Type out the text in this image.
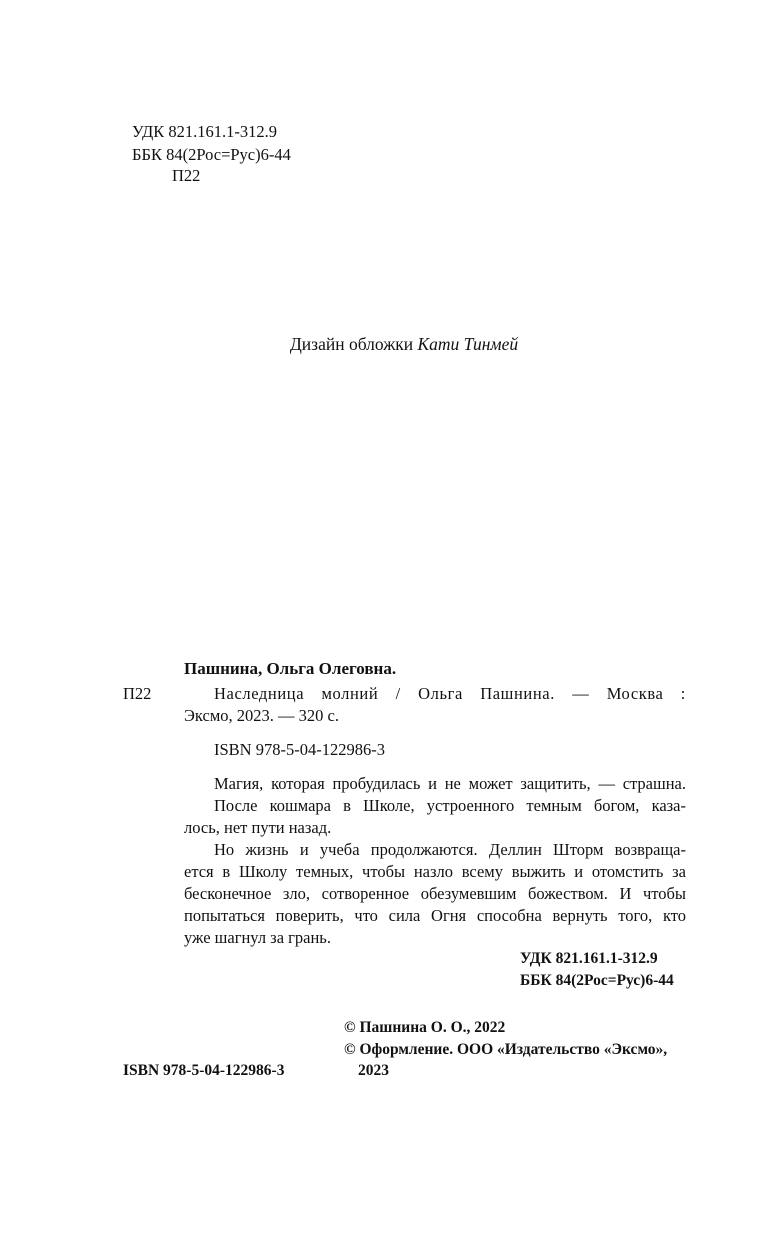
УДК 821.161.1-312.9
ББК 84(2Рос=Рус)6-44
П22
Дизайн обложки Кати Тинмей
Пашнина, Ольга Олеговна.
П22	Наследница молний / Ольга Пашнина. — Москва :
Эксмо, 2023. — 320 с.
ISBN 978-5-04-122986-3
Магия, которая пробудилась и не может защитить, — страшна.
После кошмара в Школе, устроенного темным богом, каза-
лось, нет пути назад.
Но жизнь и учеба продолжаются. Деллин Шторм возвраща-
ется в Школу темных, чтобы назло всему выжить и отомстить за
бесконечное зло, сотворенное обезумевшим божеством. И чтобы
попытаться поверить, что сила Огня способна вернуть того, кто
уже шагнул за грань.
УДК 821.161.1-312.9
ББК 84(2Рос=Рус)6-44
© Пашнина О. О., 2022
© Оформление. ООО «Издательство «Эксмо»,
2023
ISBN 978-5-04-122986-3
